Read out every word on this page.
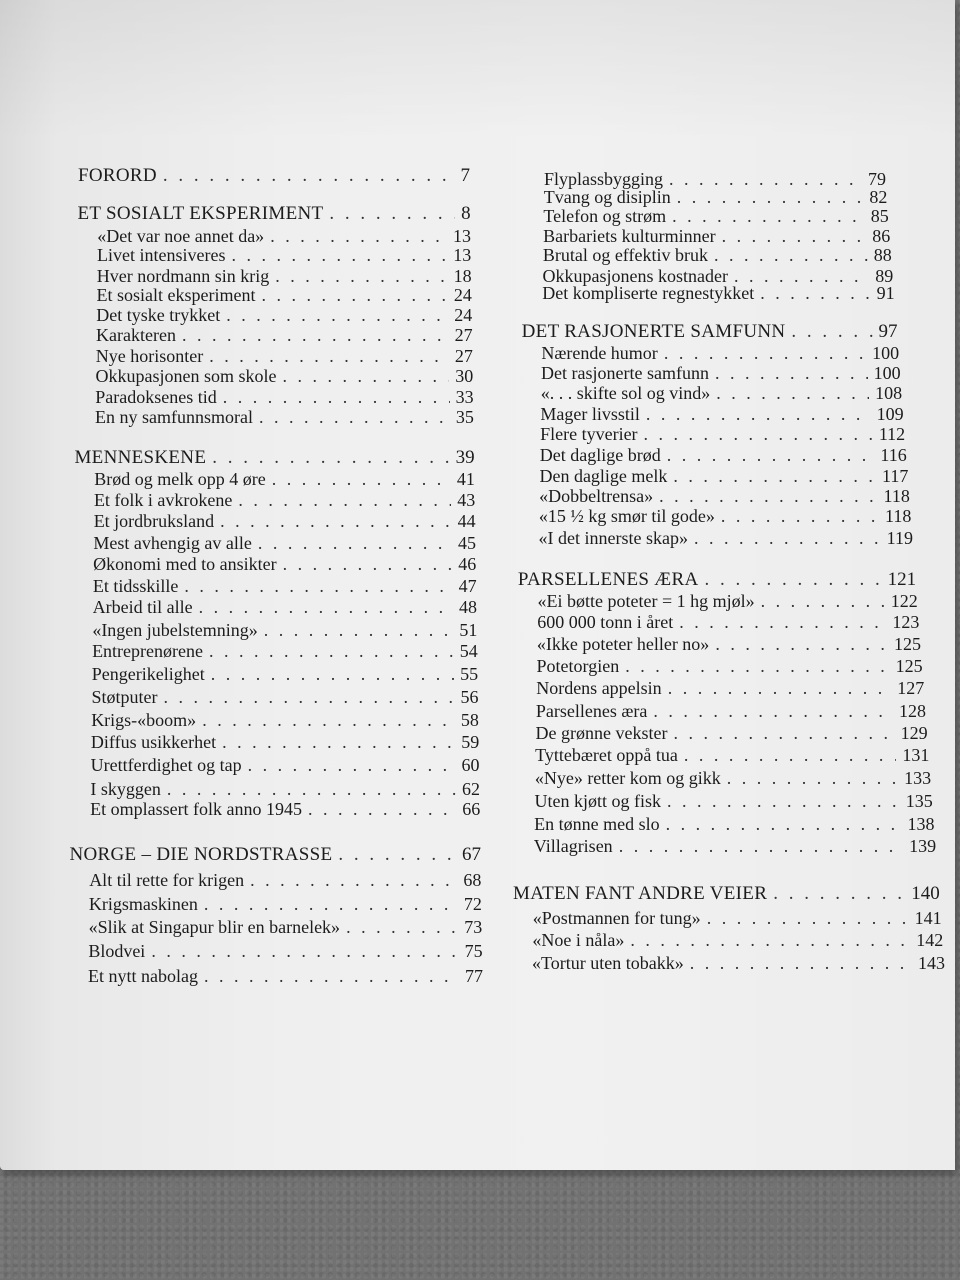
FORORD . . .	7
ET SOSIALT EKSPERIMENT . . .	8
«Det var noe annet da» . . .	13
Livet intensiveres . . .	13
Hver nordmann sin krig . . .	18
Et sosialt eksperiment . . .	24
Det tyske trykket . . .	24
Karakteren . . .	27
Nye horisonter . . .	27
Okkupasjonen som skole . . .	30
Paradoksenes tid . . .	33
En ny samfunnsmoral . . .	35
MENNESKENE . . .	39
Brød og melk opp 4 øre . . .	41
Et folk i avkrokene . . .	43
Et jordbruksland . . .	44
Mest avhengig av alle . . .	45
Økonomi med to ansikter . . .	46
Et tidsskille . . .	47
Arbeid til alle . . .	48
«Ingen jubelstemning» . . .	51
Entreprenørene . . .	54
Pengerikelighet . . .	55
Støtputer . . .	56
Krigs-«boom» . . .	58
Diffus usikkerhet . . .	59
Urettferdighet og tap . . .	60
I skyggen . . .	62
Et omplassert folk anno 1945 . . .	66
NORGE – DIE NORDSTRASSE . . .	67
Alt til rette for krigen . . .	68
Krigsmaskinen . . .	72
«Slik at Singapur blir en barnelek» . . .	73
Blodvei . . .	75
Et nytt nabolag . . .	77
Flyplassbygging . . .	79
Tvang og disiplin . . .	82
Telefon og strøm . . .	85
Barbariets kulturminner . . .	86
Brutal og effektiv bruk . . .	88
Okkupasjonens kostnader . . .	89
Det kompliserte regnestykket . . .	91
DET RASJONERTE SAMFUNN . . .	97
Nærende humor . . .	100
Det rasjonerte samfunn . . .	100
«. . . skifte sol og vind» . . .	108
Mager livsstil . . .	109
Flere tyverier . . .	112
Det daglige brød . . .	116
Den daglige melk . . .	117
«Dobbeltrensa» . . .	118
«15 ½ kg smør til gode» . . .	118
«I det innerste skap» . . .	119
PARSELLENES ÆRA . . .	121
«Ei bøtte poteter = 1 hg mjøl» . . .	122
600 000 tonn i året . . .	123
«Ikke poteter heller no» . . .	125
Potetorgien . . .	125
Nordens appelsin . . .	127
Parsellenes æra . . .	128
De grønne vekster . . .	129
Tyttebæret oppå tua . . .	131
«Nye» retter kom og gikk . . .	133
Uten kjøtt og fisk . . .	135
En tønne med slo . . .	138
Villagrisen . . .	139
MATEN FANT ANDRE VEIER . . .	140
«Postmannen for tung» . . .	141
«Noe i nåla» . . .	142
«Tortur uten tobakk» . . .	143
